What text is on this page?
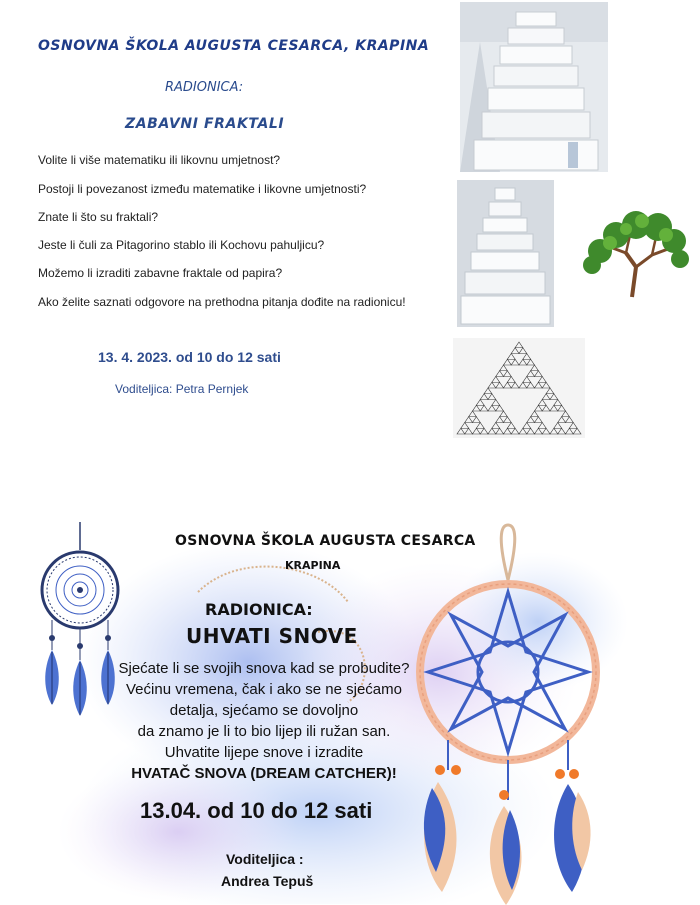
OSNOVNA ŠKOLA AUGUSTA CESARCA, KRAPINA
RADIONICA:
ZABAVNI FRAKTALI
Volite li više matematiku ili likovnu umjetnost?
Postoji li povezanost između matematike i likovne umjetnosti?
Znate li što su fraktali?
Jeste li čuli za Pitagorino stablo ili Kochovu pahuljicu?
Možemo li izraditi zabavne fraktale od papira?
Ako želite saznati odgovore na prethodna pitanja dođite na radionicu!
13. 4. 2023. od 10 do 12 sati
Voditeljica: Petra Pernjek
OSNOVNA ŠKOLA AUGUSTA CESARCA
KRAPINA
RADIONICA:
UHVATI SNOVE
Sjećate li se svojih snova kad se probudite?
Većinu vremena, čak i ako se ne sjećamo
detalja, sjećamo se dovoljno
da znamo je li to bio lijep ili ružan san.
Uhvatite lijepe snove i izradite
HVATAČ SNOVA (DREAM CATCHER)!
13.04. od 10 do 12 sati
Voditeljica :
Andrea Tepuš
